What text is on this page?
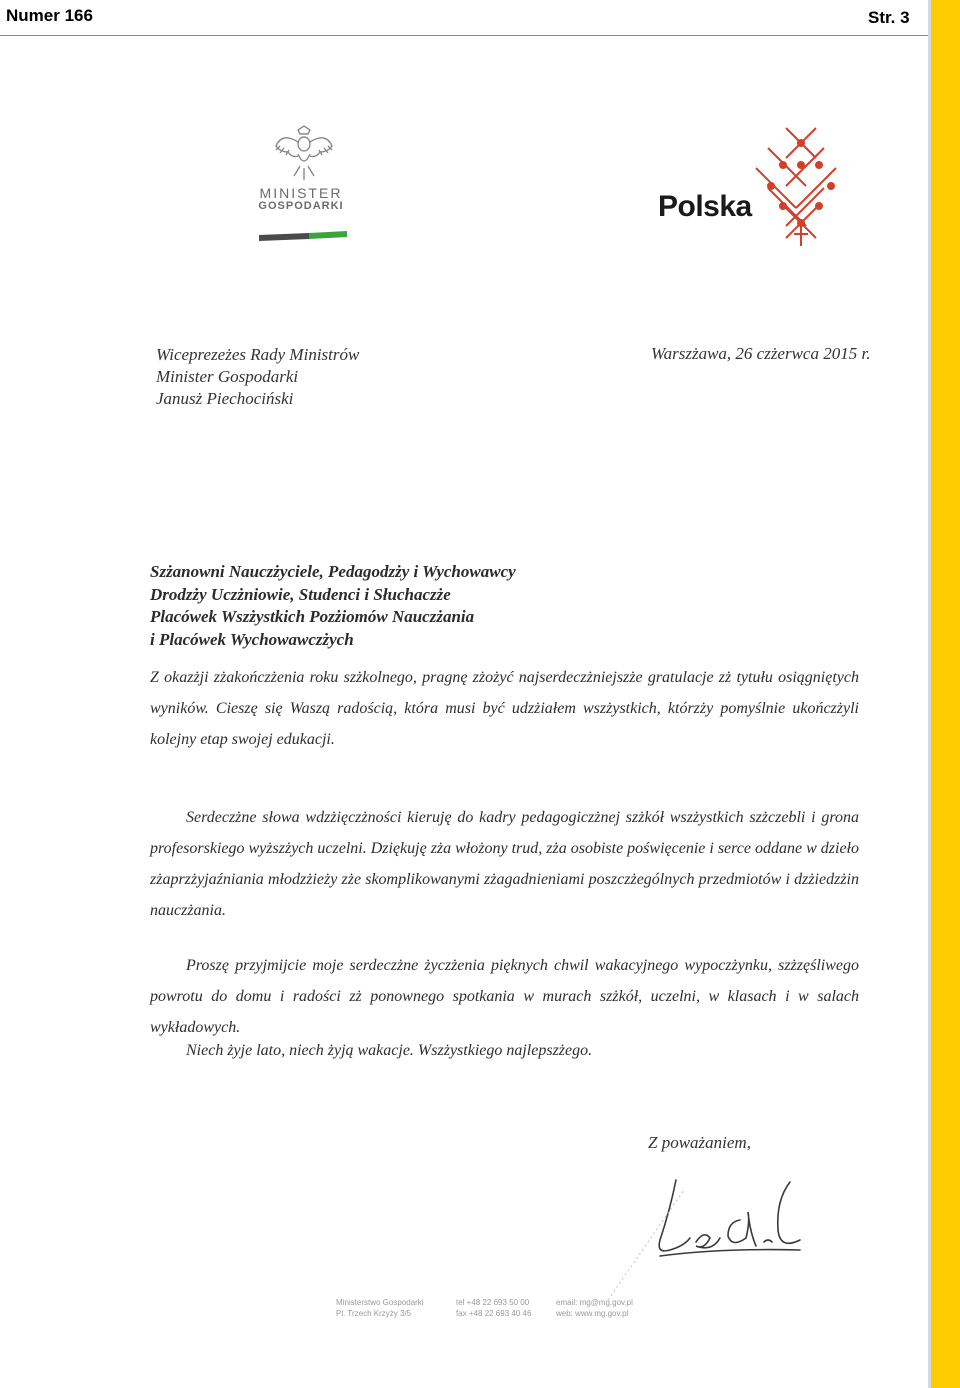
Numer 166	Str. 3
MINISTER
GOSPODARKI	Polska
Wiceprezeżes Rady Ministrów
Minister Gospodarki
Janusż Piechociński
Warszżawa, 26 czżerwca 2015 r.
Szżanowni Nauczżyciele, Pedagodzży i Wychowawcy
Drodzży Uczżniowie, Studenci i Słuchaczże
Placówek Wszżystkich Pozżiomów Nauczżania
i Placówek Wychowawczżych

Z okazżji zżakończżenia roku szżkolnego, pragnę zżożyć najserdeczżniejszże gratulacje zż tytułu osiągniętych wyników. Cieszę się Waszą radością, która musi być udzżiałem wszżystkich, którzży pomyślnie ukończżyli kolejny etap swojej edukacji.

Serdeczżne słowa wdzżięczżności kieruję do kadry pedagogiczżnej szżkół wszżystkich szżczebli i grona profesorskiego wyższżych uczelni. Dziękuję zża włożony trud, zża osobiste poświęcenie i serce oddane w dzieło zżaprzżyjaźniania młodzżieży zże skomplikowanymi zżagadnieniami poszczżególnych przedmiotów i dzżiedzżin nauczżania.

Proszę przyjmijcie moje serdeczżne życzżenia pięknych chwil wakacyjnego wypoczżynku, szżzęśliwego powrotu do domu i radości zż ponownego spotkania w murach szżkół, uczelni, w klasach i w salach wykładowych.

Niech żyje lato, niech żyją wakacje. Wszżystkiego najlepszżego.

Z poważaniem,
Ministerstwo Gospodarki
Pl. Trzech Krzyży 3/5
tel +48 22 693 50 00
fax +48 22 693 40 46
email: mg@mg.gov.pl
web: www.mg.gov.pl
